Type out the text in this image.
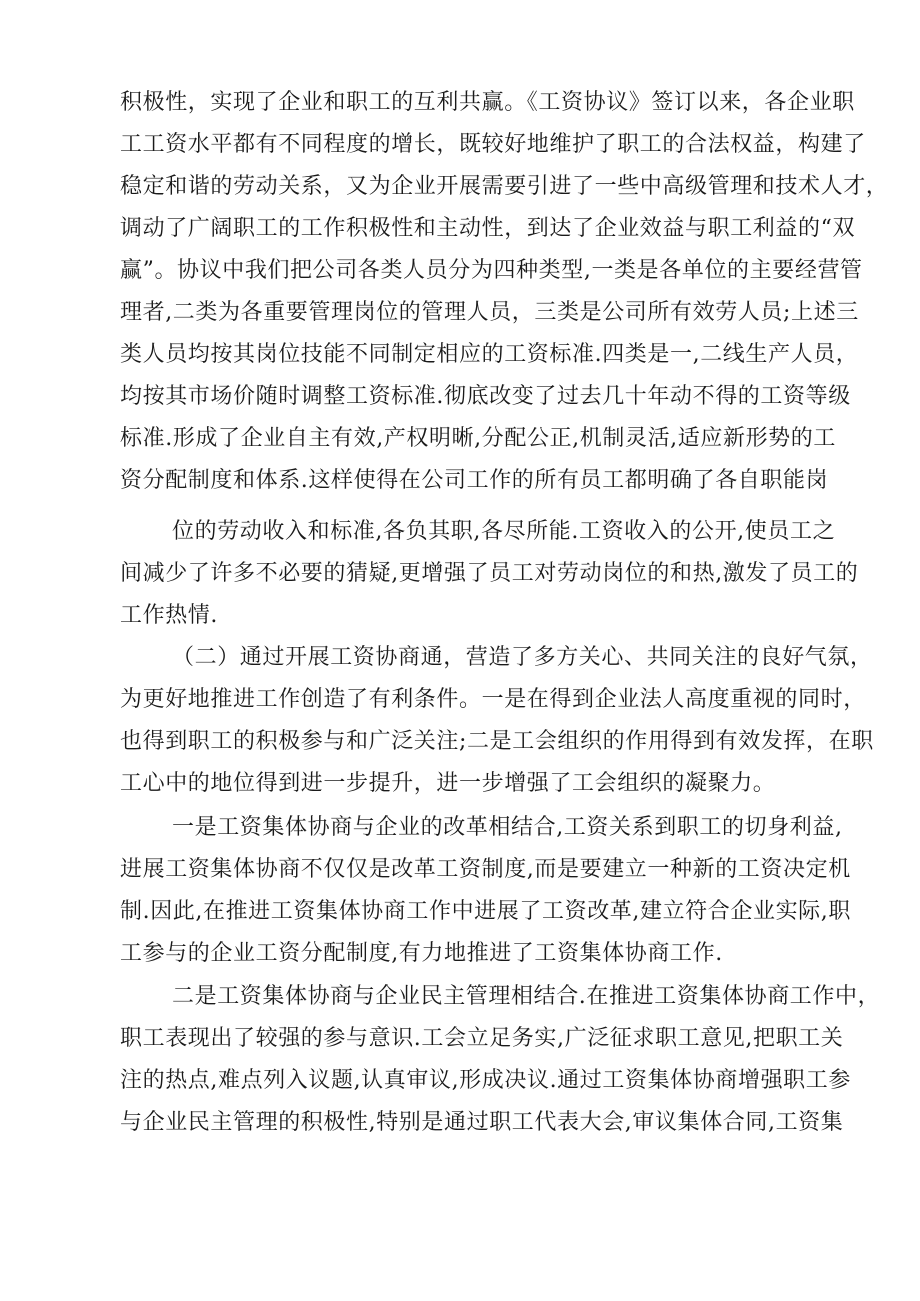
积极性，实现了企业和职工的互利共赢。《工资协议》签订以来，各企业职
工工资水平都有不同程度的增长，既较好地维护了职工的合法权益，构建了
稳定和谐的劳动关系，又为企业开展需要引进了一些中高级管理和技术人才，
调动了广阔职工的工作积极性和主动性，到达了企业效益与职工利益的“双
赢”。协议中我们把公司各类人员分为四种类型,一类是各单位的主要经营管
理者,二类为各重要管理岗位的管理人员，三类是公司所有效劳人员;上述三
类人员均按其岗位技能不同制定相应的工资标准.四类是一,二线生产人员，
均按其市场价随时调整工资标准.彻底改变了过去几十年动不得的工资等级
标准.形成了企业自主有效,产权明晰,分配公正,机制灵活,适应新形势的工
资分配制度和体系.这样使得在公司工作的所有员工都明确了各自职能岗
位的劳动收入和标准,各负其职,各尽所能.工资收入的公开,使员工之
间减少了许多不必要的猜疑,更增强了员工对劳动岗位的和热,激发了员工的
工作热情.
（二）通过开展工资协商通，营造了多方关心、共同关注的良好气氛，
为更好地推进工作创造了有利条件。一是在得到企业法人高度重视的同时，
也得到职工的积极参与和广泛关注;二是工会组织的作用得到有效发挥，在职
工心中的地位得到进一步提升，进一步增强了工会组织的凝聚力。
一是工资集体协商与企业的改革相结合,工资关系到职工的切身利益,
进展工资集体协商不仅仅是改革工资制度,而是要建立一种新的工资决定机
制.因此,在推进工资集体协商工作中进展了工资改革,建立符合企业实际,职
工参与的企业工资分配制度,有力地推进了工资集体协商工作.
二是工资集体协商与企业民主管理相结合.在推进工资集体协商工作中，
职工表现出了较强的参与意识.工会立足务实,广泛征求职工意见,把职工关
注的热点,难点列入议题,认真审议,形成决议.通过工资集体协商增强职工参
与企业民主管理的积极性,特别是通过职工代表大会,审议集体合同,工资集
